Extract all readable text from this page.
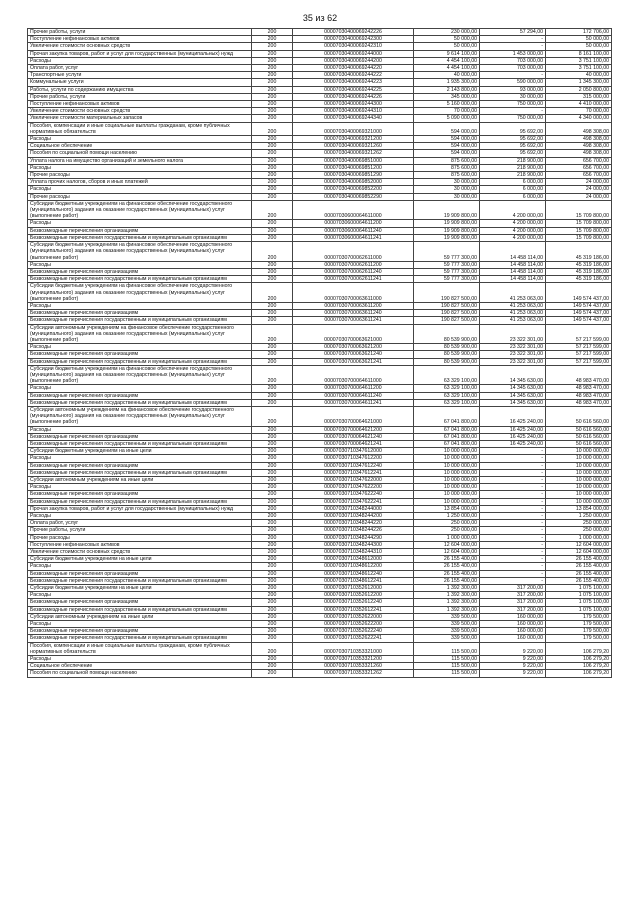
35 из 62
Прочие работы, услуги	200	00007030400069242226	230 000,00	57 294,00	172 706,00
Поступление нефинансовых активов	200	00007030400069242300	50 000,00	-	50 000,00
Увеличение стоимости основных средств	200	00007030400069242310	50 000,00	-	50 000,00
Прочая закупка товаров, работ и услуг для государственных (муниципальных) нужд	200	00007030400069244000	9 614 100,00	1 453 000,00	8 161 100,00
Расходы	200	00007030400069244200	4 454 100,00	703 000,00	3 751 100,00
Оплата работ, услуг	200	00007030400069244220	4 454 100,00	703 000,00	3 751 100,00
Транспортные услуги	200	00007030400069244222	40 000,00	-	40 000,00
Коммунальные услуги	200	00007030400069244223	1 935 300,00	590 000,00	1 345 300,00
Работы, услуги по содержанию имущества	200	00007030400069244225	2 143 800,00	93 000,00	2 050 800,00
Прочие работы, услуги	200	00007030400069244226	345 000,00	30 000,00	315 000,00
Поступление нефинансовых активов	200	00007030400069244300	5 160 000,00	750 000,00	4 410 000,00
Увеличение стоимости основных средств	200	00007030400069244310	70 000,00	-	70 000,00
Увеличение стоимости материальных запасов	200	00007030400069244340	5 090 000,00	750 000,00	4 340 000,00
Пособия, компенсации и иные социальные выплаты гражданам, кроме публичных нормативных обязательств	200	00007030400069321000	594 000,00	95 692,00	498 308,00
Расходы	200	00007030400069321200	594 000,00	95 692,00	498 308,00
Социальное обеспечение	200	00007030400069321260	594 000,00	95 692,00	498 308,00
Пособия по социальной помощи населению	200	00007030400069321262	594 000,00	95 692,00	498 308,00
Уплата налога на имущество организаций и земельного налога	200	00007030400069851000	875 600,00	218 900,00	656 700,00
Расходы	200	00007030400069851200	875 600,00	218 900,00	656 700,00
Прочие расходы	200	00007030400069851290	875 600,00	218 900,00	656 700,00
Уплата прочих налогов, сборов и иных платежей	200	00007030400069852000	30 000,00	6 000,00	24 000,00
Расходы	200	00007030400069852200	30 000,00	6 000,00	24 000,00
Прочие расходы	200	00007030400069852290	30 000,00	6 000,00	24 000,00
Субсидии бюджетным учреждениям на финансовое обеспечение государственного (муниципального) задания на оказание государственных (муниципальных) услуг (выполнение работ)	200	00007030600064611000	19 909 800,00	4 200 000,00	15 709 800,00
Расходы	200	00007030600064611200	19 909 800,00	4 200 000,00	15 709 800,00
Безвозмездные перечисления организациям	200	00007030600064611240	19 909 800,00	4 200 000,00	15 709 800,00
Безвозмездные перечисления государственным и муниципальным организациям	200	00007030600064611241	19 909 800,00	4 200 000,00	15 709 800,00
Субсидии бюджетным учреждениям на финансовое обеспечение государственного (муниципального) задания на оказание государственных (муниципальных) услуг (выполнение работ)	200	00007030700062611000	59 777 300,00	14 458 114,00	45 319 186,00
Расходы	200	00007030700062611200	59 777 300,00	14 458 114,00	45 319 186,00
Безвозмездные перечисления организациям	200	00007030700062611240	59 777 300,00	14 458 114,00	45 319 186,00
Безвозмездные перечисления государственным и муниципальным организациям	200	00007030700062611241	59 777 300,00	14 458 114,00	45 319 186,00
Субсидии бюджетным учреждениям на финансовое обеспечение государственного (муниципального) задания на оказание государственных (муниципальных) услуг (выполнение работ)	200	00007030700063611000	190 827 500,00	41 253 063,00	149 574 437,00
Расходы	200	00007030700063611200	190 827 500,00	41 253 063,00	149 574 437,00
Безвозмездные перечисления организациям	200	00007030700063611240	190 827 500,00	41 253 063,00	149 574 437,00
Безвозмездные перечисления государственным и муниципальным организациям	200	00007030700063611241	190 827 500,00	41 253 063,00	149 574 437,00
Субсидии автономным учреждениям на финансовое обеспечение государственного (муниципального) задания на оказание государственных (муниципальных) услуг (выполнение работ)	200	00007030700063621000	80 539 900,00	23 322 301,00	57 217 599,00
Расходы	200	00007030700063621200	80 539 900,00	23 322 301,00	57 217 599,00
Безвозмездные перечисления организациям	200	00007030700063621240	80 539 900,00	23 322 301,00	57 217 599,00
Безвозмездные перечисления государственным и муниципальным организациям	200	00007030700063621241	80 539 900,00	23 322 301,00	57 217 599,00
Субсидии бюджетным учреждениям на финансовое обеспечение государственного (муниципального) задания на оказание государственных (муниципальных) услуг (выполнение работ)	200	00007030700064611000	63 329 100,00	14 345 630,00	48 983 470,00
Расходы	200	00007030700064611200	63 329 100,00	14 345 630,00	48 983 470,00
Безвозмездные перечисления организациям	200	00007030700064611240	63 329 100,00	14 345 630,00	48 983 470,00
Безвозмездные перечисления государственным и муниципальным организациям	200	00007030700064611241	63 329 100,00	14 345 630,00	48 983 470,00
Субсидии автономным учреждениям на финансовое обеспечение государственного (муниципального) задания на оказание государственных (муниципальных) услуг (выполнение работ)	200	00007030700064621000	67 041 800,00	16 425 240,00	50 616 560,00
Расходы	200	00007030700064621200	67 041 800,00	16 425 240,00	50 616 560,00
Безвозмездные перечисления организациям	200	00007030700064621240	67 041 800,00	16 425 240,00	50 616 560,00
Безвозмездные перечисления государственным и муниципальным организациям	200	00007030700064621241	67 041 800,00	16 425 240,00	50 616 560,00
Субсидии бюджетным учреждениям на иные цели	200	00007030710347612000	10 000 000,00	-	10 000 000,00
Расходы	200	00007030710347612200	10 000 000,00	-	10 000 000,00
Безвозмездные перечисления организациям	200	00007030710347612240	10 000 000,00	-	10 000 000,00
Безвозмездные перечисления государственным и муниципальным организациям	200	00007030710347612241	10 000 000,00	-	10 000 000,00
Субсидии автономным учреждениям на иные цели	200	00007030710347622000	10 000 000,00	-	10 000 000,00
Расходы	200	00007030710347622200	10 000 000,00	-	10 000 000,00
Безвозмездные перечисления организациям	200	00007030710347622240	10 000 000,00	-	10 000 000,00
Безвозмездные перечисления государственным и муниципальным организациям	200	00007030710347622241	10 000 000,00	-	10 000 000,00
Прочая закупка товаров, работ и услуг для государственных (муниципальных) нужд	200	00007030710348244000	13 854 000,00	-	13 854 000,00
Расходы	200	00007030710348244200	1 250 000,00	-	1 250 000,00
Оплата работ, услуг	200	00007030710348244220	250 000,00	-	250 000,00
Прочие работы, услуги	200	00007030710348244226	250 000,00	-	250 000,00
Прочие расходы	200	00007030710348244290	1 000 000,00	-	1 000 000,00
Поступление нефинансовых активов	200	00007030710348244300	12 604 000,00	-	12 604 000,00
Увеличение стоимости основных средств	200	00007030710348244310	12 604 000,00	-	12 604 000,00
Субсидии бюджетным учреждениям на иные цели	200	00007030710348612000	26 155 400,00	-	26 155 400,00
Расходы	200	00007030710348612200	26 155 400,00	-	26 155 400,00
Безвозмездные перечисления организациям	200	00007030710348612240	26 155 400,00	-	26 155 400,00
Безвозмездные перечисления государственным и муниципальным организациям	200	00007030710348612241	26 155 400,00	-	26 155 400,00
Субсидии бюджетным учреждениям на иные цели	200	00007030710352612000	1 392 300,00	317 200,00	1 075 100,00
Расходы	200	00007030710352612200	1 392 300,00	317 200,00	1 075 100,00
Безвозмездные перечисления организациям	200	00007030710352612240	1 392 300,00	317 200,00	1 075 100,00
Безвозмездные перечисления государственным и муниципальным организациям	200	00007030710352612241	1 392 300,00	317 200,00	1 075 100,00
Субсидии автономным учреждениям на иные цели	200	00007030710352622000	339 500,00	160 000,00	179 500,00
Расходы	200	00007030710352622200	339 500,00	160 000,00	179 500,00
Безвозмездные перечисления организациям	200	00007030710352622240	339 500,00	160 000,00	179 500,00
Безвозмездные перечисления государственным и муниципальным организациям	200	00007030710352622241	339 500,00	160 000,00	179 500,00
Пособия, компенсации и иные социальные выплаты гражданам, кроме публичных нормативных обязательств	200	00007030710353321000	115 500,00	9 220,00	106 279,20
Расходы	200	00007030710353321200	115 500,00	9 220,00	106 279,20
Социальное обеспечение	200	00007030710353321260	115 500,00	9 220,00	106 279,20
Пособия по социальной помощи населению	200	00007030710353321262	115 500,00	9 220,00	106 279,20
